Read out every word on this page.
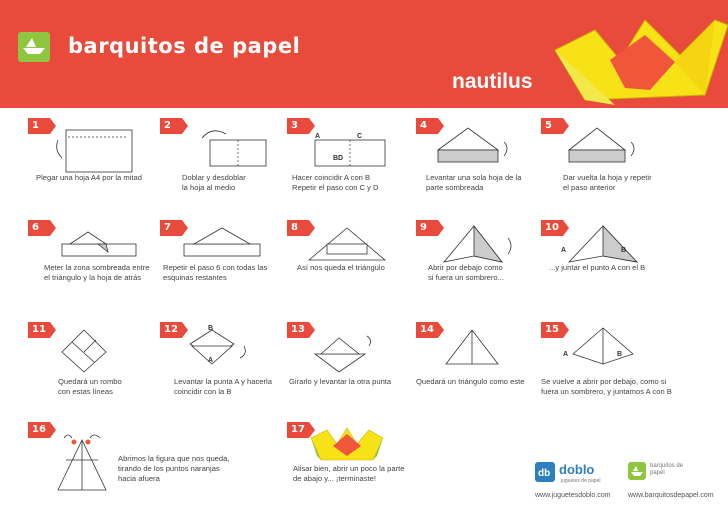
barquitos de papel
nautilus
1
Plegar una hoja A4 por la mitad
2
Doblar y desdoblar
la hoja al medio
3
A	C
BD
Hacer coincidir A con B
Repetir el paso con C y D
4
Levantar una sola hoja de la
parte sombreada
5
Dar vuelta la hoja y repetir
el paso anterior
6
Meter la zona sombreada entre
el triángulo y la hoja de atrás
7
Repetir el paso 6 con todas las
esquinas restantes
8
Así nos queda el triángulo
9
Abrir por debajo como
si fuera un sombrero...
10
A	B
...y juntar el punto A con el B
11
Quedará un rombo
con estas líneas
12	B
A
Levantar la punta A y hacerla
coincidir con la B
13
Girarlo y levantar la otra punta
14
Quedará un triángulo como este
15
A	B
Se vuelve a abrir por debajo, como si
fuera un sombrero, y juntamos A con B
16
Abrimos la figura que nos queda,
tirando de los puntos naranjas
hacia afuera
17
Alisar bien, abrir un poco la parte
de abajo y... ¡terminaste!	db doblo
juguetes de papel
www.juguetesdoblo.com
barquitos de papel
www.barquitosdepapel.com
